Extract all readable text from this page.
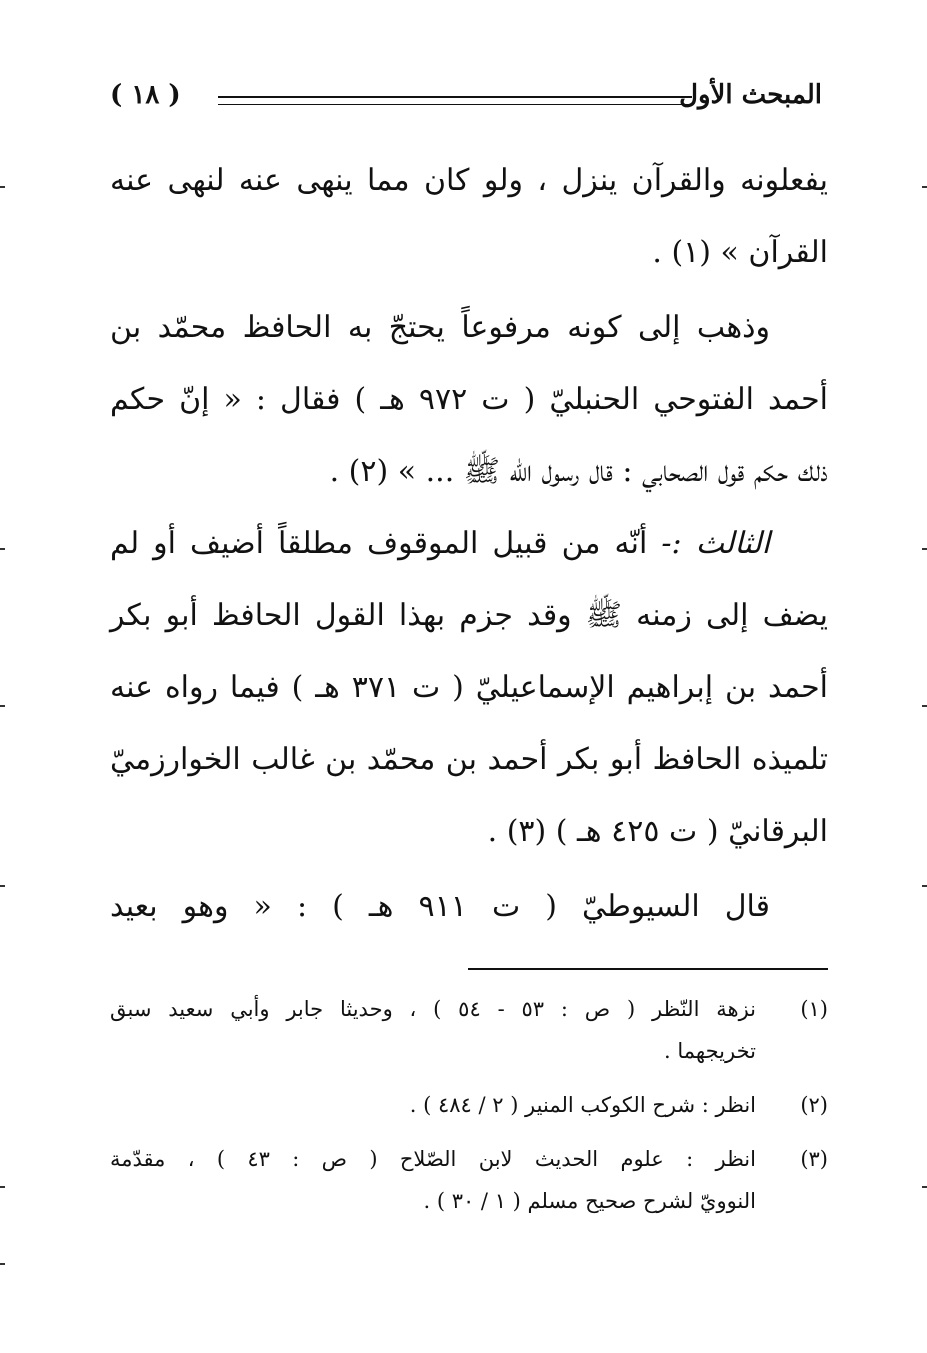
المبحث الأول
( ١٨ )
يفعلونه والقرآن ينزل ، ولو كان مما ينهى عنه لنهى عنه
القرآن » (١) .
وذهب إلى كونه مرفوعاً يحتجّ به الحافظ محمّد بن
أحمد الفتوحي الحنبليّ ( ت ٩٧٢ هـ ) فقال : « إنّ حكم
ذلك حكم قول الصحابي : قال رسول الله ﷺ ... » (٢) .
الثالث :- أنّه من قبيل الموقوف مطلقاً أضيف أو لم
يضف إلى زمنه ﷺ وقد جزم بهذا القول الحافظ أبو بكر
أحمد بن إبراهيم الإسماعيليّ ( ت ٣٧١ هـ ) فيما رواه عنه
تلميذه الحافظ أبو بكر أحمد بن محمّد بن غالب الخوارزميّ
البرقانيّ ( ت ٤٢٥ هـ ) (٣) .
قال السيوطيّ ( ت ٩١١ هـ ) : « وهو بعيد
(١)
نزهة النّظر ( ص : ٥٣ - ٥٤ ) ، وحديثا جابر وأبي سعيد سبق
تخريجهما .
(٢)
انظر : شرح الكوكب المنير ( ٢ / ٤٨٤ ) .
(٣)
انظر : علوم الحديث لابن الصّلاح ( ص : ٤٣ ) ، مقدّمة
النوويّ لشرح صحيح مسلم ( ١ / ٣٠ ) .
